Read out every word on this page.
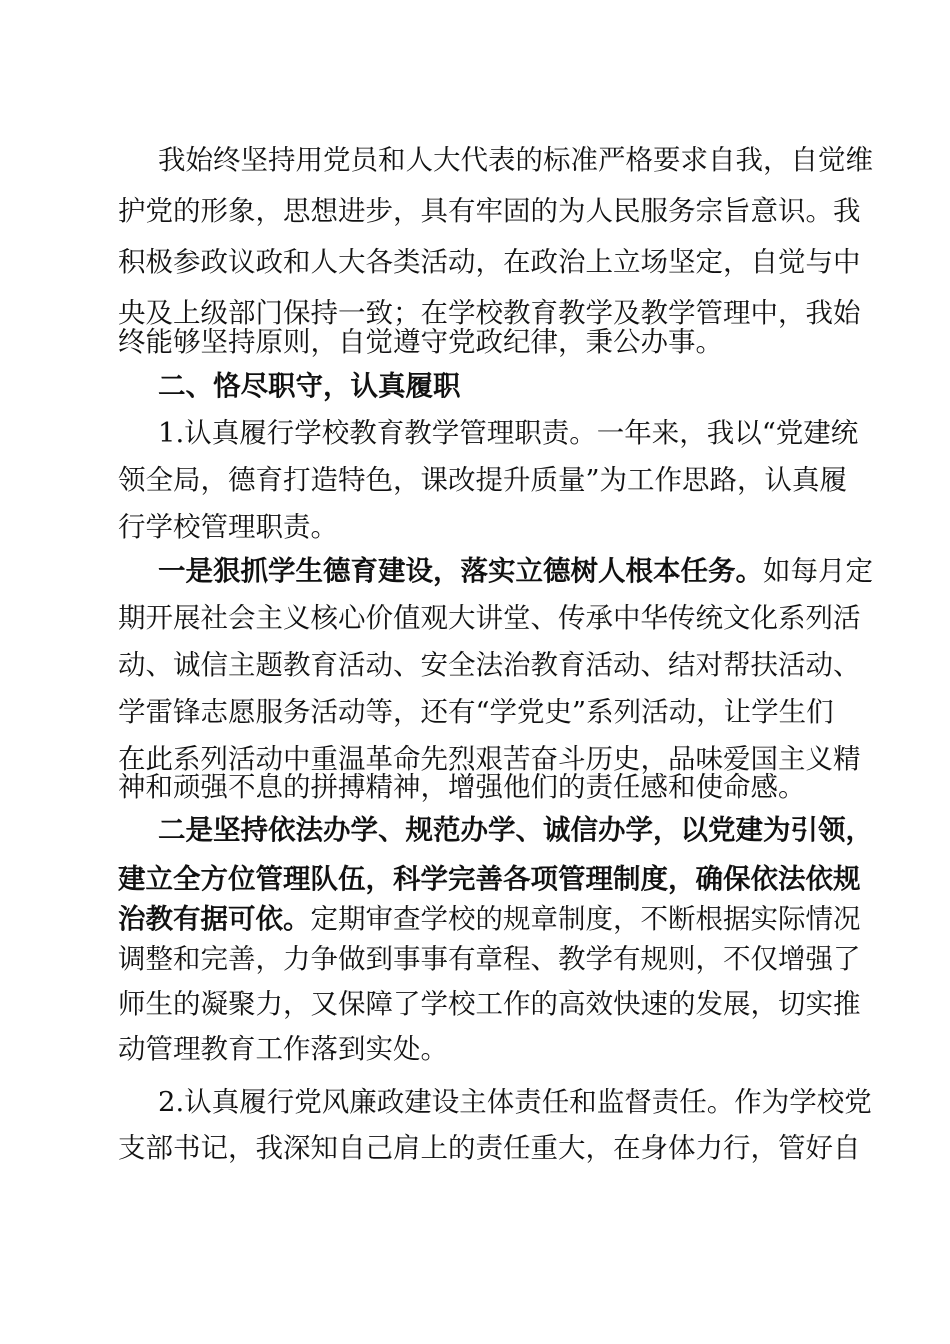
我始终坚持用党员和人大代表的标准严格要求自我，自觉维
护党的形象，思想进步，具有牢固的为人民服务宗旨意识。我
积极参政议政和人大各类活动，在政治上立场坚定，自觉与中
央及上级部门保持一致；在学校教育教学及教学管理中，我始
终能够坚持原则，自觉遵守党政纪律，秉公办事。
二、恪尽职守，认真履职
1.认真履行学校教育教学管理职责。一年来，我以“党建统
领全局，德育打造特色，课改提升质量”为工作思路，认真履
行学校管理职责。
一是狠抓学生德育建设，落实立德树人根本任务。如每月定
期开展社会主义核心价值观大讲堂、传承中华传统文化系列活
动、诚信主题教育活动、安全法治教育活动、结对帮扶活动、
学雷锋志愿服务活动等，还有“学党史”系列活动，让学生们
在此系列活动中重温革命先烈艰苦奋斗历史，品味爱国主义精
神和顽强不息的拼搏精神，增强他们的责任感和使命感。
二是坚持依法办学、规范办学、诚信办学，以党建为引领，
建立全方位管理队伍，科学完善各项管理制度，确保依法依规
治教有据可依。定期审查学校的规章制度，不断根据实际情况
调整和完善，力争做到事事有章程、教学有规则，不仅增强了
师生的凝聚力，又保障了学校工作的高效快速的发展，切实推
动管理教育工作落到实处。
2.认真履行党风廉政建设主体责任和监督责任。作为学校党
支部书记，我深知自己肩上的责任重大，在身体力行，管好自
